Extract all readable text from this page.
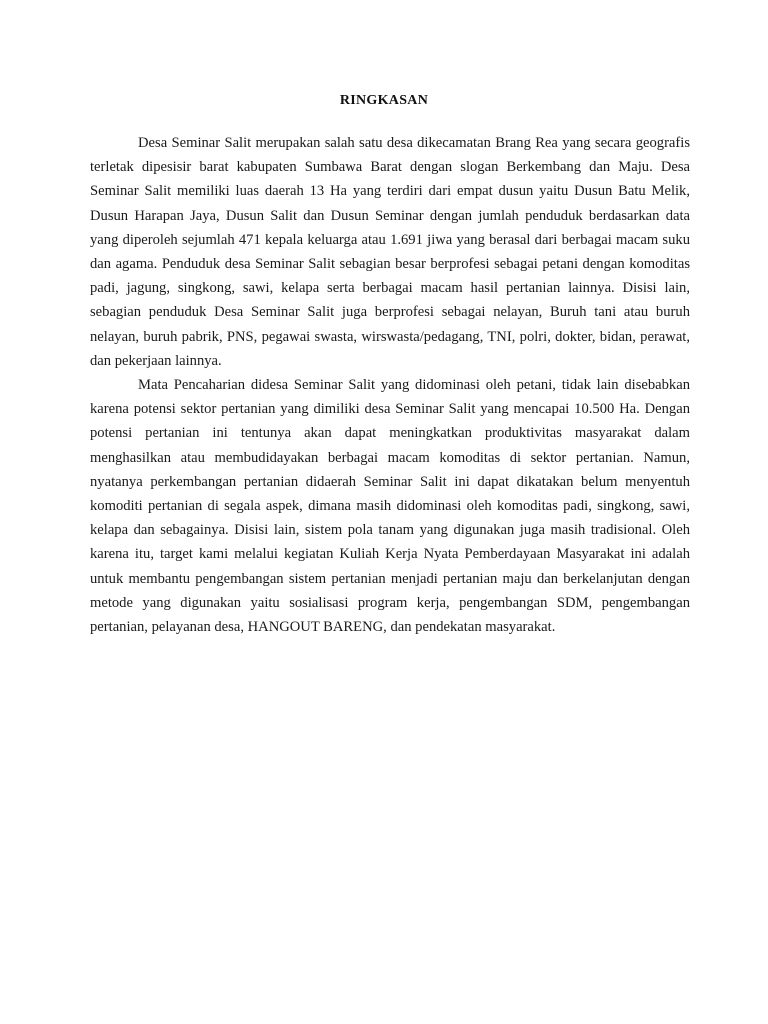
RINGKASAN

Desa Seminar Salit merupakan salah satu desa dikecamatan Brang Rea yang secara geografis terletak dipesisir barat kabupaten Sumbawa Barat dengan slogan Berkembang dan Maju. Desa Seminar Salit memiliki luas daerah 13 Ha yang terdiri dari empat dusun yaitu Dusun Batu Melik, Dusun Harapan Jaya, Dusun Salit dan Dusun Seminar dengan jumlah penduduk berdasarkan data yang diperoleh sejumlah 471 kepala keluarga atau 1.691 jiwa yang berasal dari berbagai macam suku dan agama. Penduduk desa Seminar Salit sebagian besar berprofesi sebagai petani dengan komoditas padi, jagung, singkong, sawi, kelapa serta berbagai macam hasil pertanian lainnya. Disisi lain, sebagian penduduk Desa Seminar Salit juga berprofesi sebagai nelayan, Buruh tani atau buruh nelayan, buruh pabrik, PNS, pegawai swasta, wirswasta/pedagang, TNI, polri, dokter, bidan, perawat, dan pekerjaan lainnya.

Mata Pencaharian didesa Seminar Salit yang didominasi oleh petani, tidak lain disebabkan karena potensi sektor pertanian yang dimiliki desa Seminar Salit yang mencapai 10.500 Ha. Dengan potensi pertanian ini tentunya akan dapat meningkatkan produktivitas masyarakat dalam menghasilkan atau membudidayakan berbagai macam komoditas di sektor pertanian. Namun, nyatanya perkembangan pertanian didaerah Seminar Salit ini dapat dikatakan belum menyentuh komoditi pertanian di segala aspek, dimana masih didominasi oleh komoditas padi, singkong, sawi, kelapa dan sebagainya. Disisi lain, sistem pola tanam yang digunakan juga masih tradisional. Oleh karena itu, target kami melalui kegiatan Kuliah Kerja Nyata Pemberdayaan Masyarakat ini adalah untuk membantu pengembangan sistem pertanian menjadi pertanian maju dan berkelanjutan dengan metode yang digunakan yaitu sosialisasi program kerja, pengembangan SDM, pengembangan pertanian, pelayanan desa, HANGOUT BARENG, dan pendekatan masyarakat.
